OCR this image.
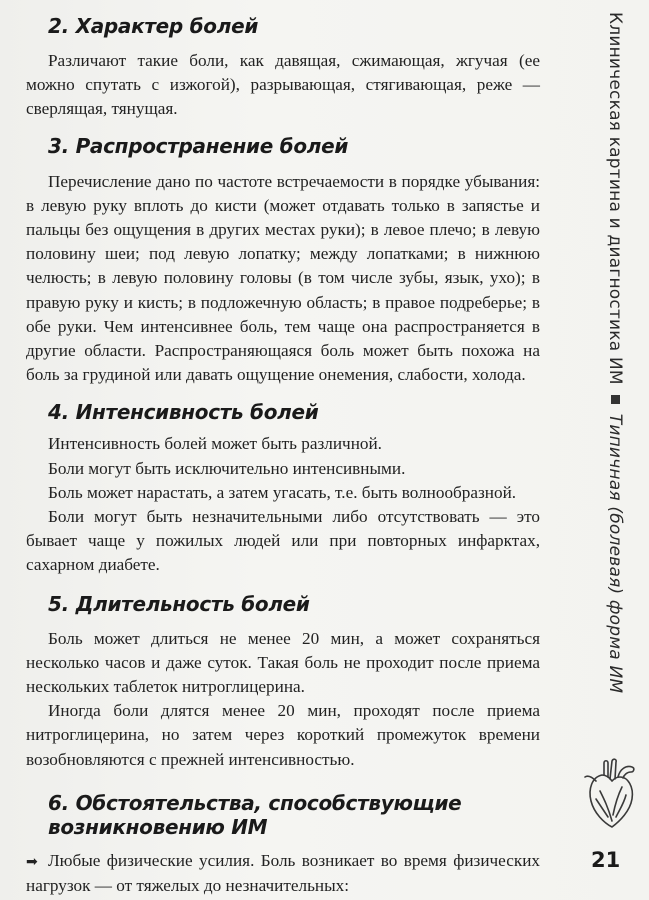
2. Характер болей

Различают такие боли, как давящая, сжимающая, жгучая (ее можно спутать с изжогой), разрывающая, стягивающая, реже — сверлящая, тянущая.

3. Распространение болей

Перечисление дано по частоте встречаемости в порядке убывания: в левую руку вплоть до кисти (может отдавать только в запястье и пальцы без ощущения в других местах руки); в левое плечо; в левую половину шеи; под левую лопатку; между лопатками; в нижнюю челюсть; в левую половину головы (в том числе зубы, язык, ухо); в правую руку и кисть; в подложечную область; в правое подреберье; в обе руки. Чем интенсивнее боль, тем чаще она распространяется в другие области. Распространяющаяся боль может быть похожа на боль за грудиной или давать ощущение онемения, слабости, холода.

4. Интенсивность болей

Интенсивность болей может быть различной.

Боли могут быть исключительно интенсивными.

Боль может нарастать, а затем угасать, т.е. быть волнообразной.

Боли могут быть незначительными либо отсутствовать — это бывает чаще у пожилых людей или при повторных инфарктах, сахарном диабете.

5. Длительность болей

Боль может длиться не менее 20 мин, а может сохраняться несколько часов и даже суток. Такая боль не проходит после приема нескольких таблеток нитроглицерина.

Иногда боли длятся менее 20 мин, проходят после приема нитроглицерина, но затем через короткий промежуток времени возобновляются с прежней интенсивностью.

6. Обстоятельства, способствующие возникновению ИМ

➡ Любые физические усилия. Боль возникает во время физических нагрузок — от тяжелых до незначительных:

Клиническая картина и диагностика ИМТипичная (болевая) форма ИМ
21
